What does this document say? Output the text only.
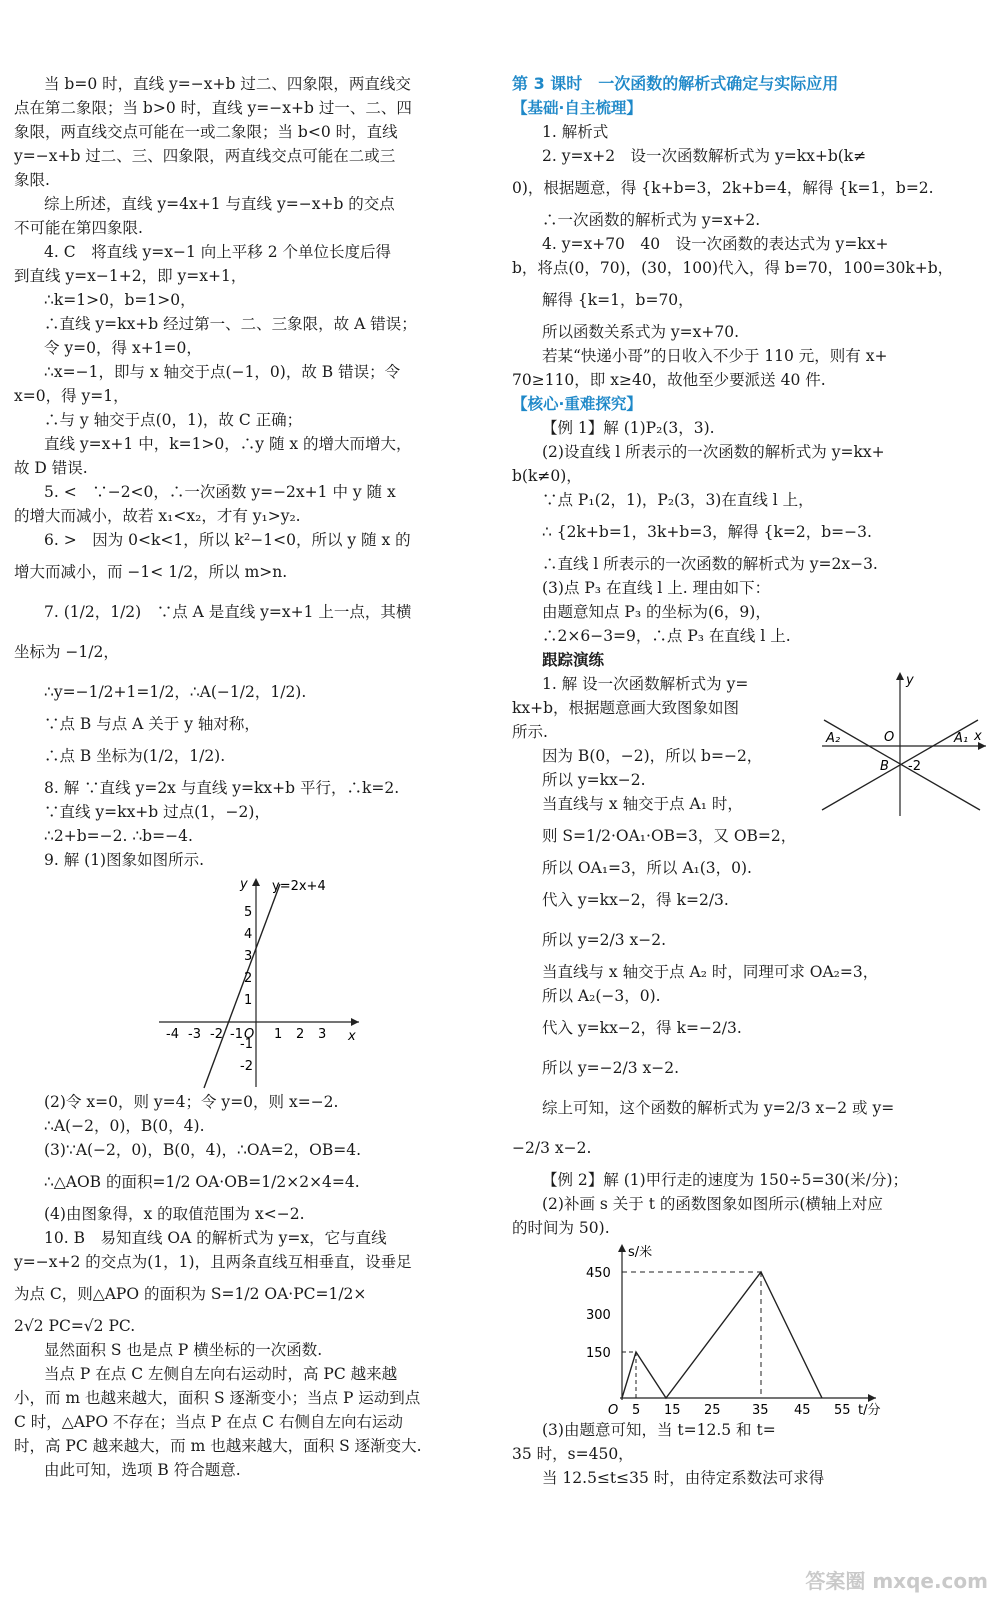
当 b=0 时，直线 y=−x+b 过二、四象限，两直线交

点在第二象限；当 b>0 时，直线 y=−x+b 过一、二、四

象限，两直线交点可能在一或二象限；当 b<0 时，直线

y=−x+b 过二、三、四象限，两直线交点可能在二或三

象限.

综上所述，直线 y=4x+1 与直线 y=−x+b 的交点

不可能在第四象限.

4. C　将直线 y=x−1 向上平移 2 个单位长度后得

到直线 y=x−1+2，即 y=x+1，

∴k=1>0，b=1>0，

∴直线 y=kx+b 经过第一、二、三象限，故 A 错误；

令 y=0，得 x+1=0，

∴x=−1，即与 x 轴交于点(−1，0)，故 B 错误；令

x=0，得 y=1，

∴与 y 轴交于点(0，1)，故 C 正确；

直线 y=x+1 中，k=1>0，∴y 随 x 的增大而增大，

故 D 错误.

5. <　∵−2<0，∴一次函数 y=−2x+1 中 y 随 x

的增大而减小，故若 x₁<x₂，才有 y₁>y₂.

6. >　因为 0<k<1，所以 k²−1<0，所以 y 随 x 的

增大而减小，而 −1< 1/2，所以 m>n.

7. (1/2，1/2)　∵点 A 是直线 y=x+1 上一点，其横

坐标为 −1/2，

∴y=−1/2+1=1/2，∴A(−1/2，1/2).

∵点 B 与点 A 关于 y 轴对称，

∴点 B 坐标为(1/2，1/2).

8. 解 ∵直线 y=2x 与直线 y=kx+b 平行，∴k=2.

∵直线 y=kx+b 过点(1，−2)，

∴2+b=−2. ∴b=−4.

9. 解 (1)图象如图所示.

y=2x+4
y
x
O
-4 -3 -2 -1 1 2 3
5
4
3
2
1
-1
-2

(2)令 x=0，则 y=4；令 y=0，则 x=−2.

∴A(−2，0)，B(0，4).

(3)∵A(−2，0)，B(0，4)，∴OA=2，OB=4.

∴△AOB 的面积=1/2 OA·OB=1/2×2×4=4.

(4)由图象得，x 的取值范围为 x<−2.

10. B　易知直线 OA 的解析式为 y=x，它与直线

y=−x+2 的交点为(1，1)，且两条直线互相垂直，设垂足

为点 C，则△APO 的面积为 S=1/2 OA·PC=1/2×

2√2 PC=√2 PC.

显然面积 S 也是点 P 横坐标的一次函数.

当点 P 在点 C 左侧自左向右运动时，高 PC 越来越

小，而 m 也越来越大，面积 S 逐渐变小；当点 P 运动到点

C 时，△APO 不存在；当点 P 在点 C 右侧自左向右运动

时，高 PC 越来越大，而 m 也越来越大，面积 S 逐渐变大.

由此可知，选项 B 符合题意.

第 3 课时　一次函数的解析式确定与实际应用

【基础·自主梳理】

1. 解析式

2. y=x+2　设一次函数解析式为 y=kx+b(k≠

0)，根据题意，得 {k+b=3，2k+b=4，解得 {k=1，b=2.

∴一次函数的解析式为 y=x+2.

4. y=x+70　40　设一次函数的表达式为 y=kx+

b，将点(0，70)，(30，100)代入，得 b=70，100=30k+b，

解得 {k=1，b=70，

所以函数关系式为 y=x+70.

若某“快递小哥”的日收入不少于 110 元，则有 x+

70≥110，即 x≥40，故他至少要派送 40 件.

【核心·重难探究】

【例 1】解 (1)P₂(3，3).

(2)设直线 l 所表示的一次函数的解析式为 y=kx+

b(k≠0)，

∵点 P₁(2，1)，P₂(3，3)在直线 l 上，

∴ {2k+b=1，3k+b=3，解得 {k=2，b=−3.

∴直线 l 所表示的一次函数的解析式为 y=2x−3.

(3)点 P₃ 在直线 l 上. 理由如下：

由题意知点 P₃ 的坐标为(6，9)，

∴2×6−3=9，∴点 P₃ 在直线 l 上.

跟踪演练

y
x
O
A₂	A₁
B -2

1. 解 设一次函数解析式为 y=

kx+b，根据题意画大致图象如图

所示.

因为 B(0，−2)，所以 b=−2，

所以 y=kx−2.

当直线与 x 轴交于点 A₁ 时，

则 S=1/2·OA₁·OB=3，又 OB=2，

所以 OA₁=3，所以 A₁(3，0).

代入 y=kx−2，得 k=2/3.

所以 y=2/3 x−2.

当直线与 x 轴交于点 A₂ 时，同理可求 OA₂=3，

所以 A₂(−3，0).

代入 y=kx−2，得 k=−2/3.

所以 y=−2/3 x−2.

综上可知，这个函数的解析式为 y=2/3 x−2 或 y=

−2/3 x−2.

【例 2】解 (1)甲行走的速度为 150÷5=30(米/分)；

(2)补画 s 关于 t 的函数图象如图所示(横轴上对应

的时间为 50).

s/米
t/分
O
450
300
150
5 15 25 35 45 55

(3)由题意可知，当 t=12.5 和 t=

35 时，s=450，

当 12.5≤t≤35 时，由待定系数法可求得

答案圈 mxqe.com
